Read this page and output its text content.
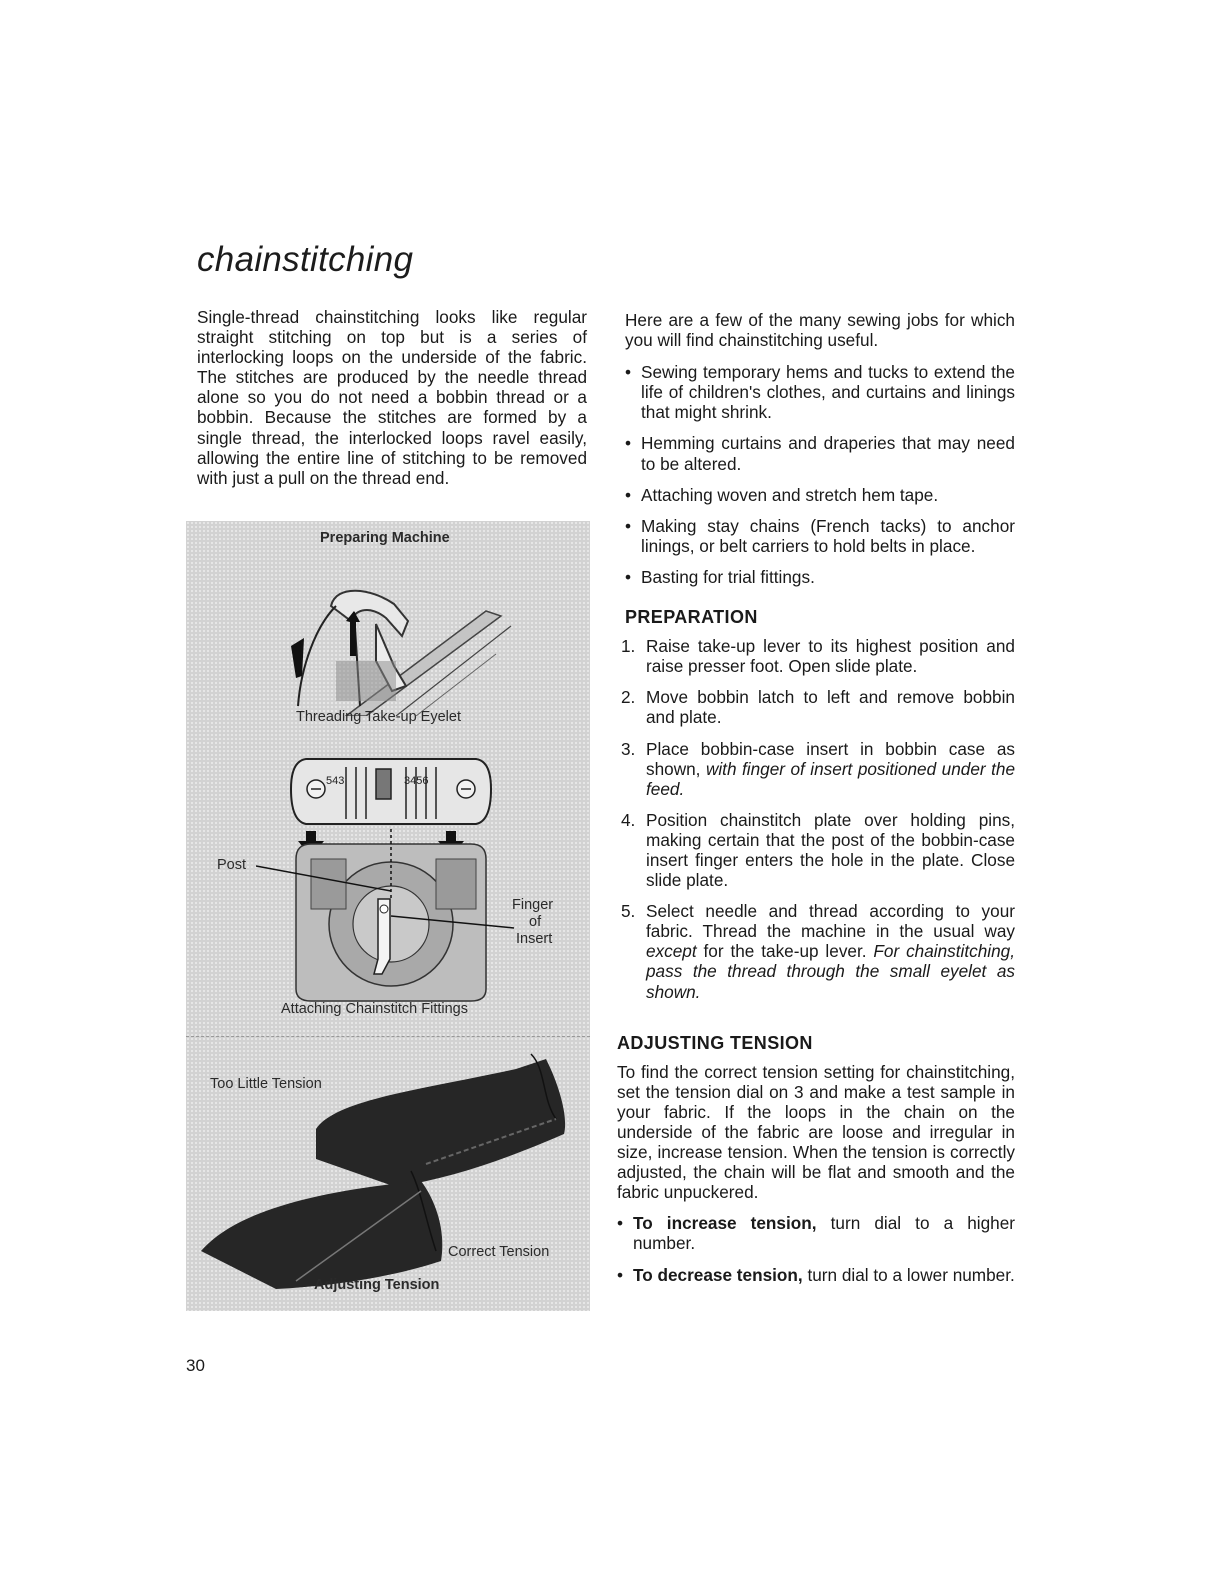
chainstitching

Single-thread chainstitching looks like regular straight stitching on top but is a series of interlocking loops on the underside of the fabric. The stitches are produced by the needle thread alone so you do not need a bobbin thread or a bobbin. Because the stitches are formed by a single thread, the interlocked loops ravel easily, allowing the entire line of stitching to be removed with just a pull on the thread end.

Preparing Machine
Threading Take-up Eyelet
543	3456
Post
Finger
of
Insert
Attaching Chainstitch Fittings
Too Little Tension
Correct Tension
Adjusting Tension

Here are a few of the many sewing jobs for which you will find chainstitching useful.

• Sewing temporary hems and tucks to extend the life of children's clothes, and curtains and linings that might shrink.
• Hemming curtains and draperies that may need to be altered.
• Attaching woven and stretch hem tape.
• Making stay chains (French tacks) to anchor linings, or belt carriers to hold belts in place.
• Basting for trial fittings.
PREPARATION
1. Raise take-up lever to its highest position and raise presser foot. Open slide plate.
2. Move bobbin latch to left and remove bobbin and plate.
3. Place bobbin-case insert in bobbin case as shown, with finger of insert positioned under the feed.
4. Position chainstitch plate over holding pins, making certain that the post of the bobbin-case insert finger enters the hole in the plate. Close slide plate.
5. Select needle and thread according to your fabric. Thread the machine in the usual way except for the take-up lever. For chainstitching, pass the thread through the small eyelet as shown.
ADJUSTING TENSION

To find the correct tension setting for chainstitching, set the tension dial on 3 and make a test sample in your fabric. If the loops in the chain on the underside of the fabric are loose and irregular in size, increase tension. When the tension is correctly adjusted, the chain will be flat and smooth and the fabric unpuckered.

• To increase tension, turn dial to a higher number.
• To decrease tension, turn dial to a lower number.
30
